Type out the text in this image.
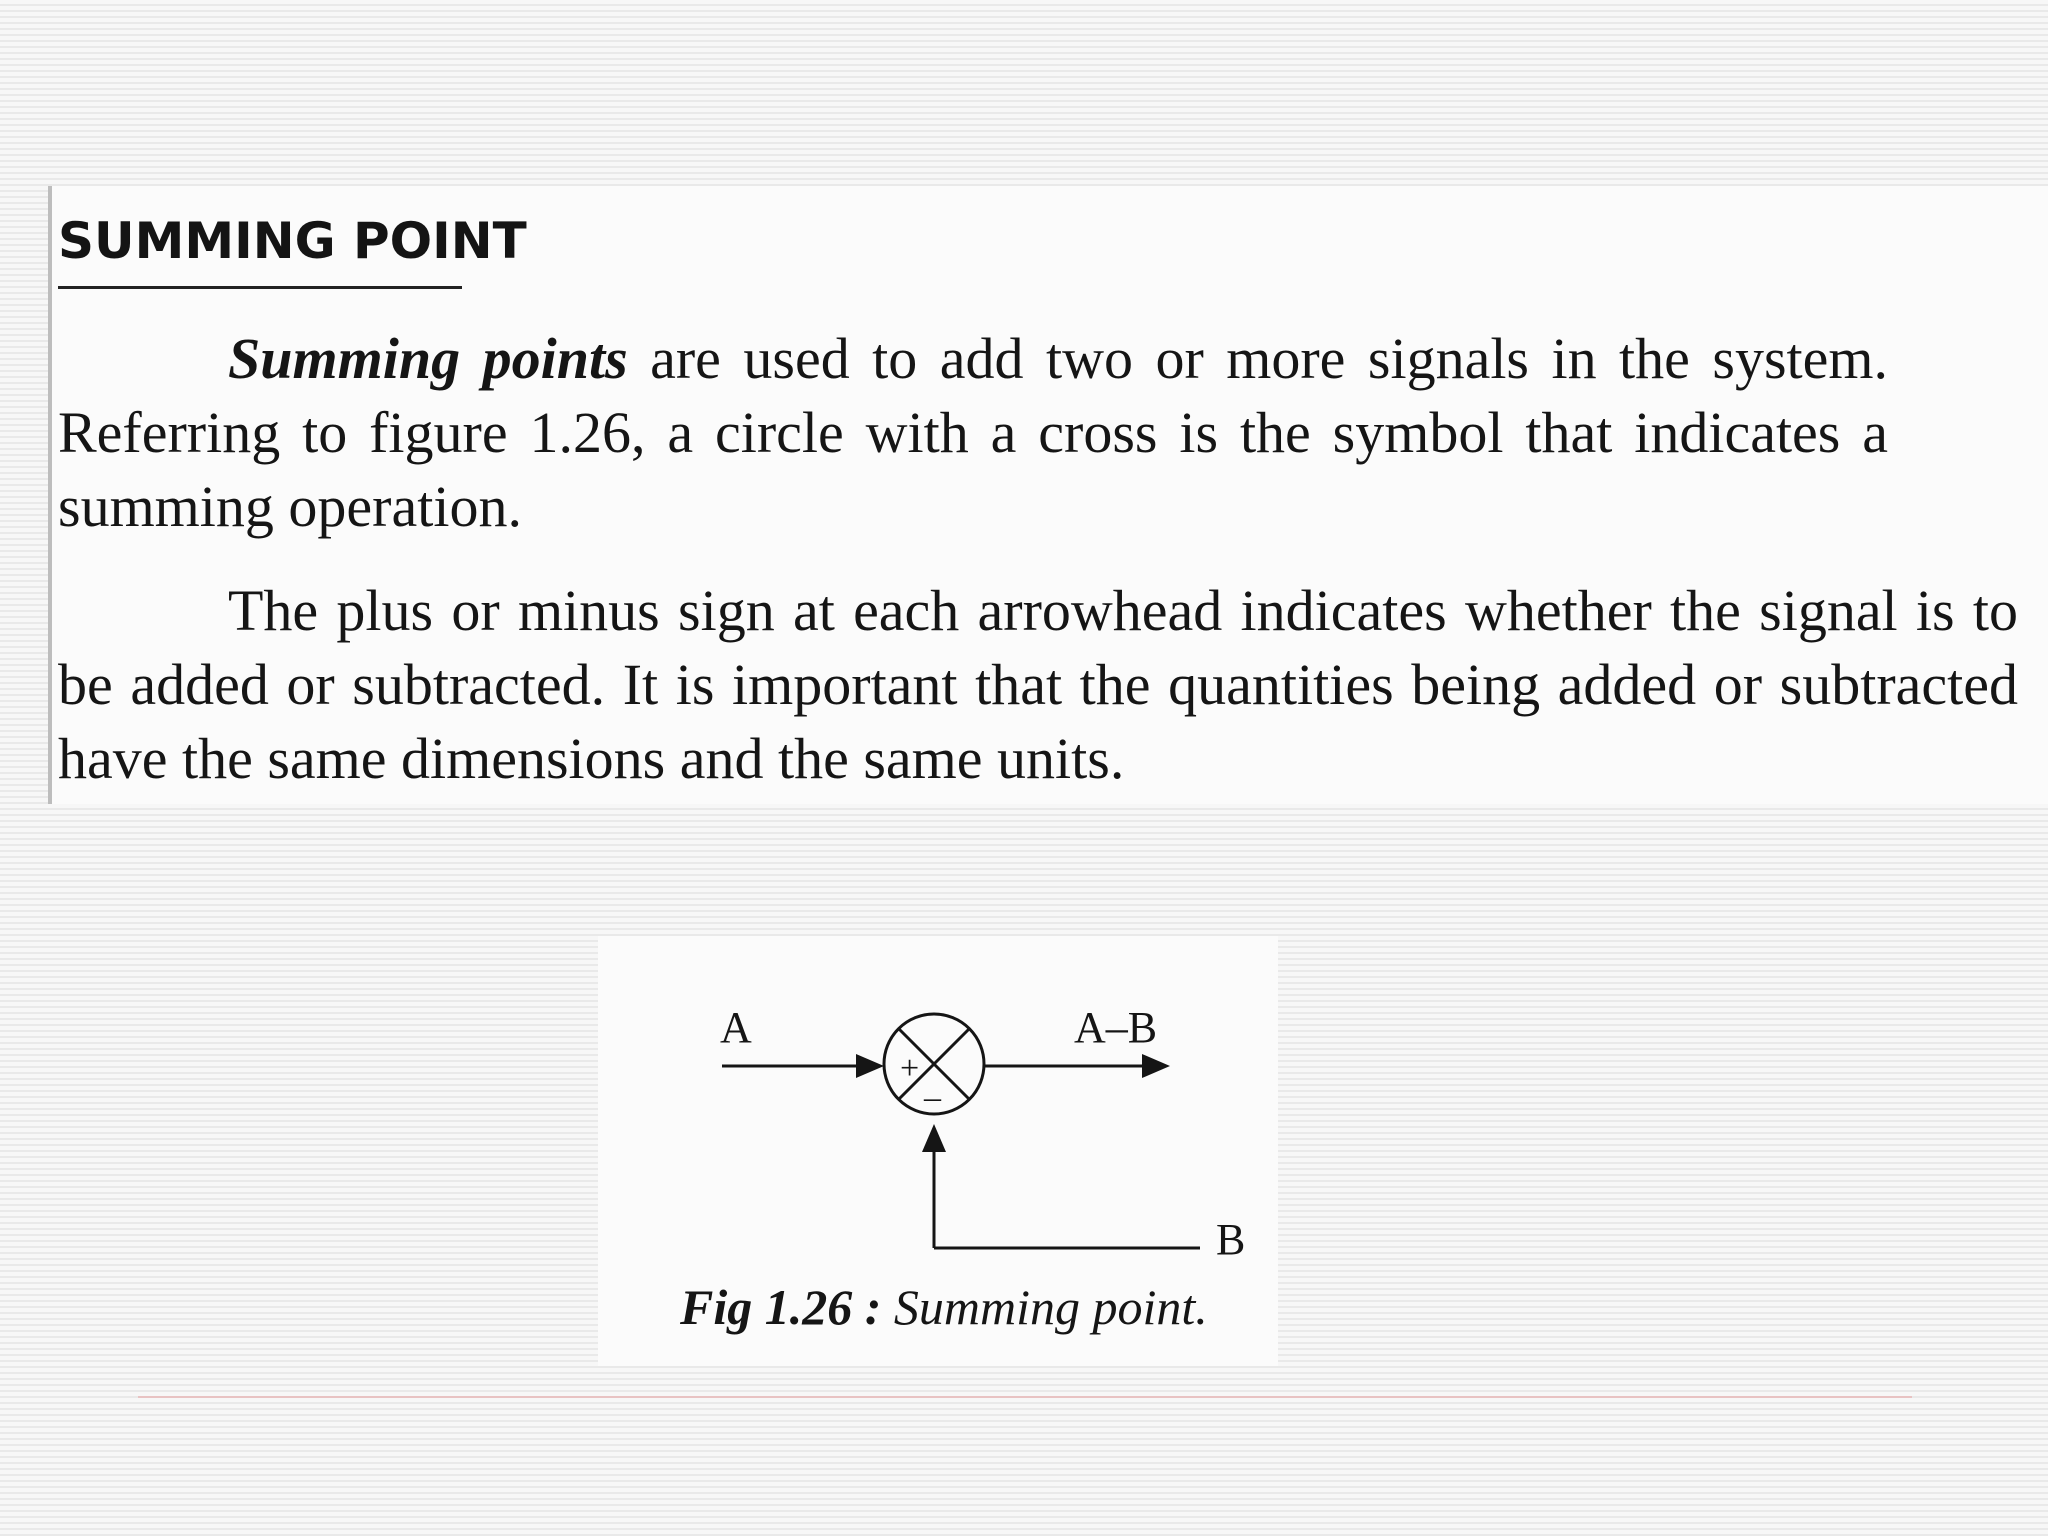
SUMMING POINT

Summing points are used to add two or more signals in the system. Referring to figure 1.26, a circle with a cross is the symbol that indicates a summing operation.

The plus or minus sign at each arrowhead indicates whether the signal is to be added or subtracted. It is important that the quantities being added or subtracted have the same dimensions and the same units.

+
–
A	A–B
B
Fig 1.26 : Summing point.
